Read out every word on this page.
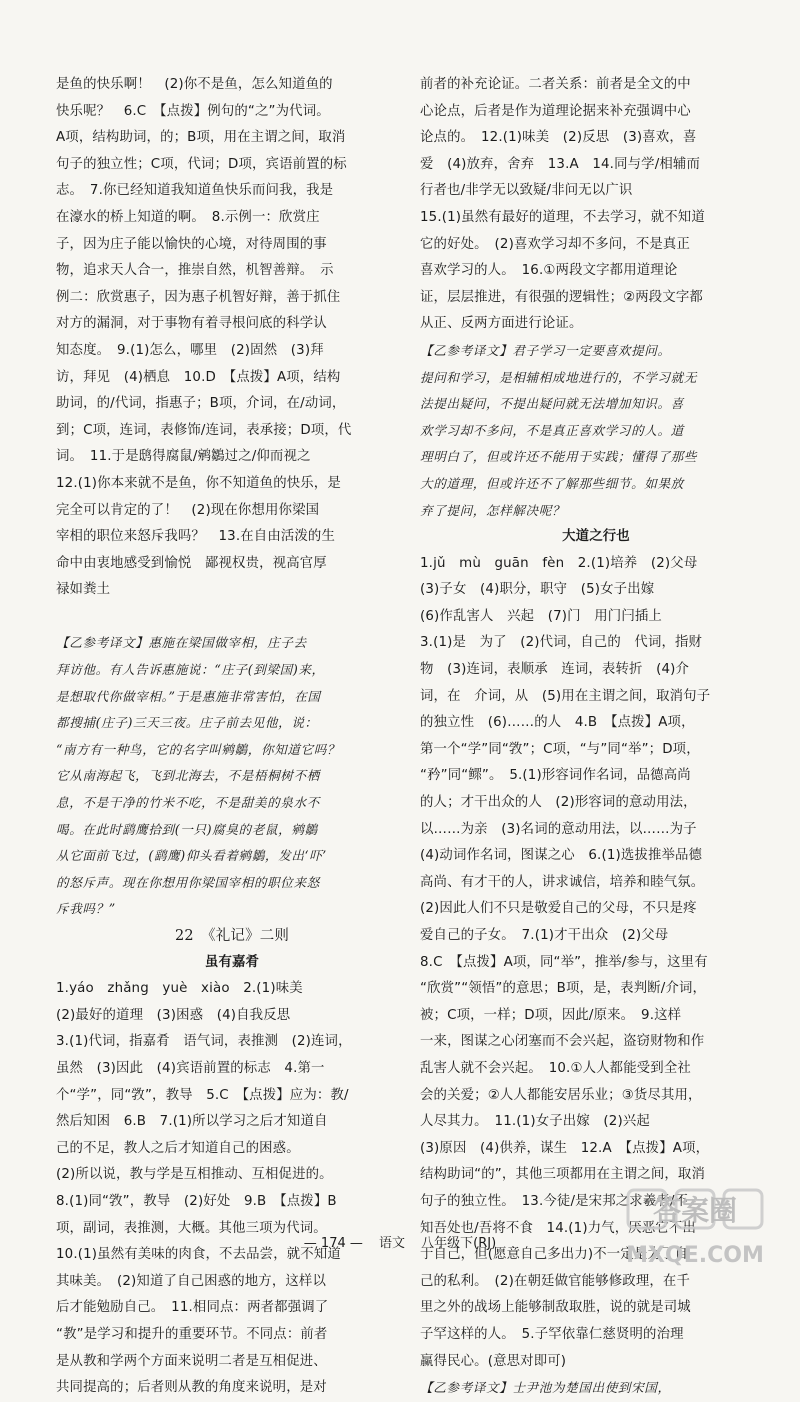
是鱼的快乐啊！　(2)你不是鱼，怎么知道鱼的
快乐呢？　6.C　【点拨】例句的“之”为代词。
A项，结构助词，的；B项，用在主谓之间，取消
句子的独立性；C项，代词；D项，宾语前置的标
志。　7.你已经知道我知道鱼快乐而问我，我是
在濠水的桥上知道的啊。　8.示例一：欣赏庄
子，因为庄子能以愉快的心境，对待周围的事
物，追求天人合一，推崇自然，机智善辩。　示
例二：欣赏惠子，因为惠子机智好辩，善于抓住
对方的漏洞，对于事物有着寻根问底的科学认
知态度。　9.(1)怎么，哪里　(2)固然　(3)拜
访，拜见　(4)栖息　10.D　【点拨】A项，结构
助词，的/代词，指惠子；B项，介词，在/动词，
到；C项，连词，表修饰/连词，表承接；D项，代
词。　11.于是鸱得腐鼠/鹓鶵过之/仰而视之
12.(1)你本来就不是鱼，你不知道鱼的快乐，是
完全可以肯定的了！　(2)现在你想用你梁国
宰相的职位来怒斥我吗？　13.在自由活泼的生
命中由衷地感受到愉悦　鄙视权贵，视高官厚
禄如粪土
【乙参考译文】惠施在梁国做宰相，庄子去
拜访他。有人告诉惠施说：“庄子(到梁国)来，
是想取代你做宰相。”于是惠施非常害怕，在国
都搜捕(庄子)三天三夜。庄子前去见他，说：
“南方有一种鸟，它的名字叫鹓鶵，你知道它吗？
它从南海起飞，飞到北海去，不是梧桐树不栖
息，不是干净的竹米不吃，不是甜美的泉水不
喝。在此时鹞鹰拾到(一只)腐臭的老鼠，鹓鶵
从它面前飞过，(鹞鹰)仰头看着鹓鶵，发出‘吓’
的怒斥声。现在你想用你梁国宰相的职位来怒
斥我吗？”
22　《礼记》二则
虽有嘉肴
1.yáo　zhǎng　yuè　xiào　2.(1)味美
(2)最好的道理　(3)困惑　(4)自我反思
3.(1)代词，指嘉肴　语气词，表推测　(2)连词，
虽然　(3)因此　(4)宾语前置的标志　4.第一
个“学”，同“敩”，教导　5.C　【点拨】应为：教/
然后知困　6.B　7.(1)所以学习之后才知道自
己的不足，教人之后才知道自己的困惑。
(2)所以说，教与学是互相推动、互相促进的。
8.(1)同“敩”，教导　(2)好处　9.B　【点拨】B
项，副词，表推测，大概。其他三项为代词。
10.(1)虽然有美味的肉食，不去品尝，就不知道
其味美。　(2)知道了自己困惑的地方，这样以
后才能勉励自己。　11.相同点：两者都强调了
“教”是学习和提升的重要环节。不同点：前者
是从教和学两个方面来说明二者是互相促进、
共同提高的；后者则从教的角度来说明，是对
前者的补充论证。二者关系：前者是全文的中
心论点，后者是作为道理论据来补充强调中心
论点的。　12.(1)味美　(2)反思　(3)喜欢，喜
爱　(4)放弃，舍弃　13.A　14.同与学/相辅而
行者也/非学无以致疑/非问无以广识
15.(1)虽然有最好的道理，不去学习，就不知道
它的好处。　(2)喜欢学习却不多问，不是真正
喜欢学习的人。　16.①两段文字都用道理论
证，层层推进，有很强的逻辑性；②两段文字都
从正、反两方面进行论证。
【乙参考译文】君子学习一定要喜欢提问。
提问和学习，是相辅相成地进行的，不学习就无
法提出疑问，不提出疑问就无法增加知识。喜
欢学习却不多问，不是真正喜欢学习的人。道
理明白了，但或许还不能用于实践；懂得了那些
大的道理，但或许还不了解那些细节。如果放
弃了提问，怎样解决呢？
大道之行也
1.jǔ　mù　guān　fèn　2.(1)培养　(2)父母
(3)子女　(4)职分，职守　(5)女子出嫁
(6)作乱害人　兴起　(7)门　用门闩插上
3.(1)是　为了　(2)代词，自己的　代词，指财
物　(3)连词，表顺承　连词，表转折　(4)介
词，在　介词，从　(5)用在主谓之间，取消句子
的独立性　(6)……的人　4.B　【点拨】A项，
第一个“学”同“敩”；C项，“与”同“举”；D项，
“矜”同“鳏”。　5.(1)形容词作名词，品德高尚
的人；才干出众的人　(2)形容词的意动用法，
以……为亲　(3)名词的意动用法，以……为子
(4)动词作名词，图谋之心　6.(1)选拔推举品德
高尚、有才干的人，讲求诚信，培养和睦气氛。
(2)因此人们不只是敬爱自己的父母，不只是疼
爱自己的子女。　7.(1)才干出众　(2)父母
8.C　【点拨】A项，同“举”，推举/参与，这里有
“欣赏”“领悟”的意思；B项，是，表判断/介词，
被；C项，一样；D项，因此/原来。　9.这样
一来，图谋之心闭塞而不会兴起，盗窃财物和作
乱害人就不会兴起。　10.①人人都能受到全社
会的关爱；②人人都能安居乐业；③货尽其用，
人尽其力。　11.(1)女子出嫁　(2)兴起
(3)原因　(4)供养，谋生　12.A　【点拨】A项，
结构助词“的”，其他三项都用在主谓之间，取消
句子的独立性。　13.今徒/是宋邦之求羲者/不
知吾处也/吾将不食　14.(1)力气，厌恶它不出
于自己，但(愿意自己多出力)不一定是为了自
己的私利。　(2)在朝廷做官能够修政理，在千
里之外的战场上能够制敌取胜，说的就是司城
子罕这样的人。　5.子罕依靠仁慈贤明的治理
赢得民心。(意思对即可)
【乙参考译文】士尹池为楚国出使到宋国，
— 174 — 语文 八年级下(RJ)
答案圈
MXQE.COM
